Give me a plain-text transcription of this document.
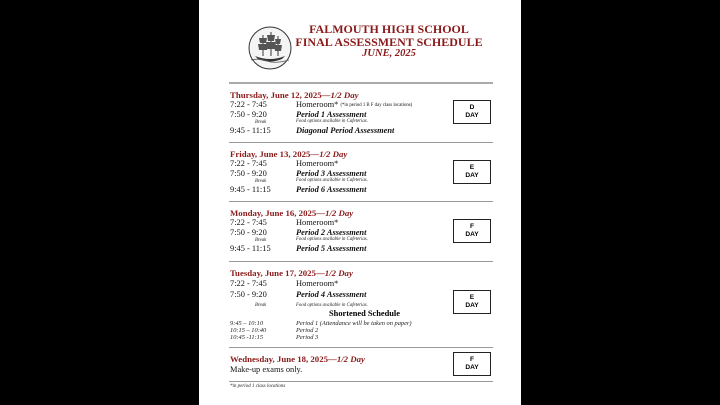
FALMOUTH HIGH SCHOOL
FINAL ASSESSMENT SCHEDULE
JUNE, 2025
Thursday, June 12, 2025—1/2 Day
7:22 - 7:45	Homeroom* $_{(*in period 1 B F day class locations)}$
7:50 - 9:20	Period 1 Assessment
Break	Food options available in Cafeterias.
9:45 - 11:15	Diagonal Period Assessment
D
DAY
Friday, June 13, 2025—1/2 Day
7:22 - 7:45	Homeroom*
7:50 - 9:20	Period 3 Assessment
Break	Food options available in Cafeterias.
9:45 - 11:15	Period 6 Assessment
E
DAY
Monday, June 16, 2025—1/2 Day
7:22 - 7:45	Homeroom*
7:50 - 9:20	Period 2 Assessment
Break	Food options available in Cafeterias.
9:45 - 11:15	Period 5 Assessment
F
DAY
Tuesday, June 17, 2025—1/2 Day
7:22 - 7:45	Homeroom*
7:50 - 9:20	Period 4 Assessment
Break	Food options available in Cafeterias.
Shortened Schedule
9:45 – 10:10	Period 1 (Attendance will be taken on paper)
10:15 – 10:40	Period 2
10:45 -11:15	Period 3
E
DAY
Wednesday, June 18, 2025—1/2 Day
Make-up exams only.
F
DAY
*in period 1 class locations
